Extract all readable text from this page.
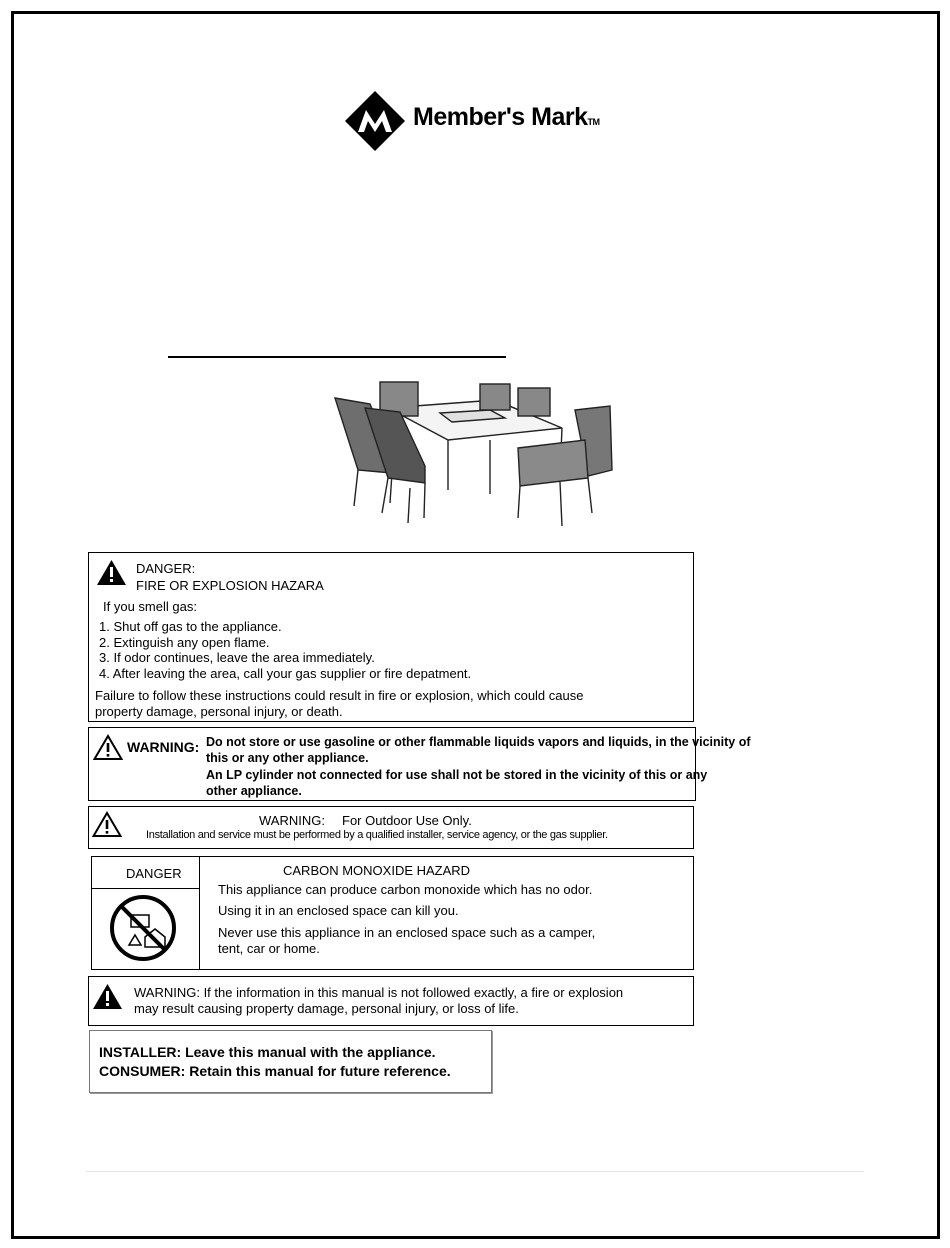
Member's MarkTM
DANGER:
FIRE OR EXPLOSION HAZARA
If you smell gas:
1. Shut off gas to the appliance.
2. Extinguish any open flame.
3. If odor continues, leave the area immediately.
4. After leaving the area, call your gas supplier or fire depatment.
Failure to follow these instructions could result in fire or explosion, which could cause
property damage, personal injury, or death.
WARNING: Do not store or use gasoline or other ﬂammable liquids vapors and liquids, in the vicinity of
this or any other appliance.
An LP cylinder not connected for use shall not be stored in the vicinity of this or any
other appliance.
WARNING: For Outdoor Use Only.
Installation and service must be performed by a qualified installer, service agency, or the gas supplier.
DANGER	CARBON MONOXIDE HAZARD
This appliance can produce carbon monoxide which has no odor.
Using it in an enclosed space can kill you.
Never use this appliance in an enclosed space such as a camper,
tent, car or home.
WARNING: If the information in this manual is not followed exactly, a fire or explosion
may result causing property damage, personal injury, or loss of life.
INSTALLER: Leave this manual with the appliance.
CONSUMER: Retain this manual for future reference.
